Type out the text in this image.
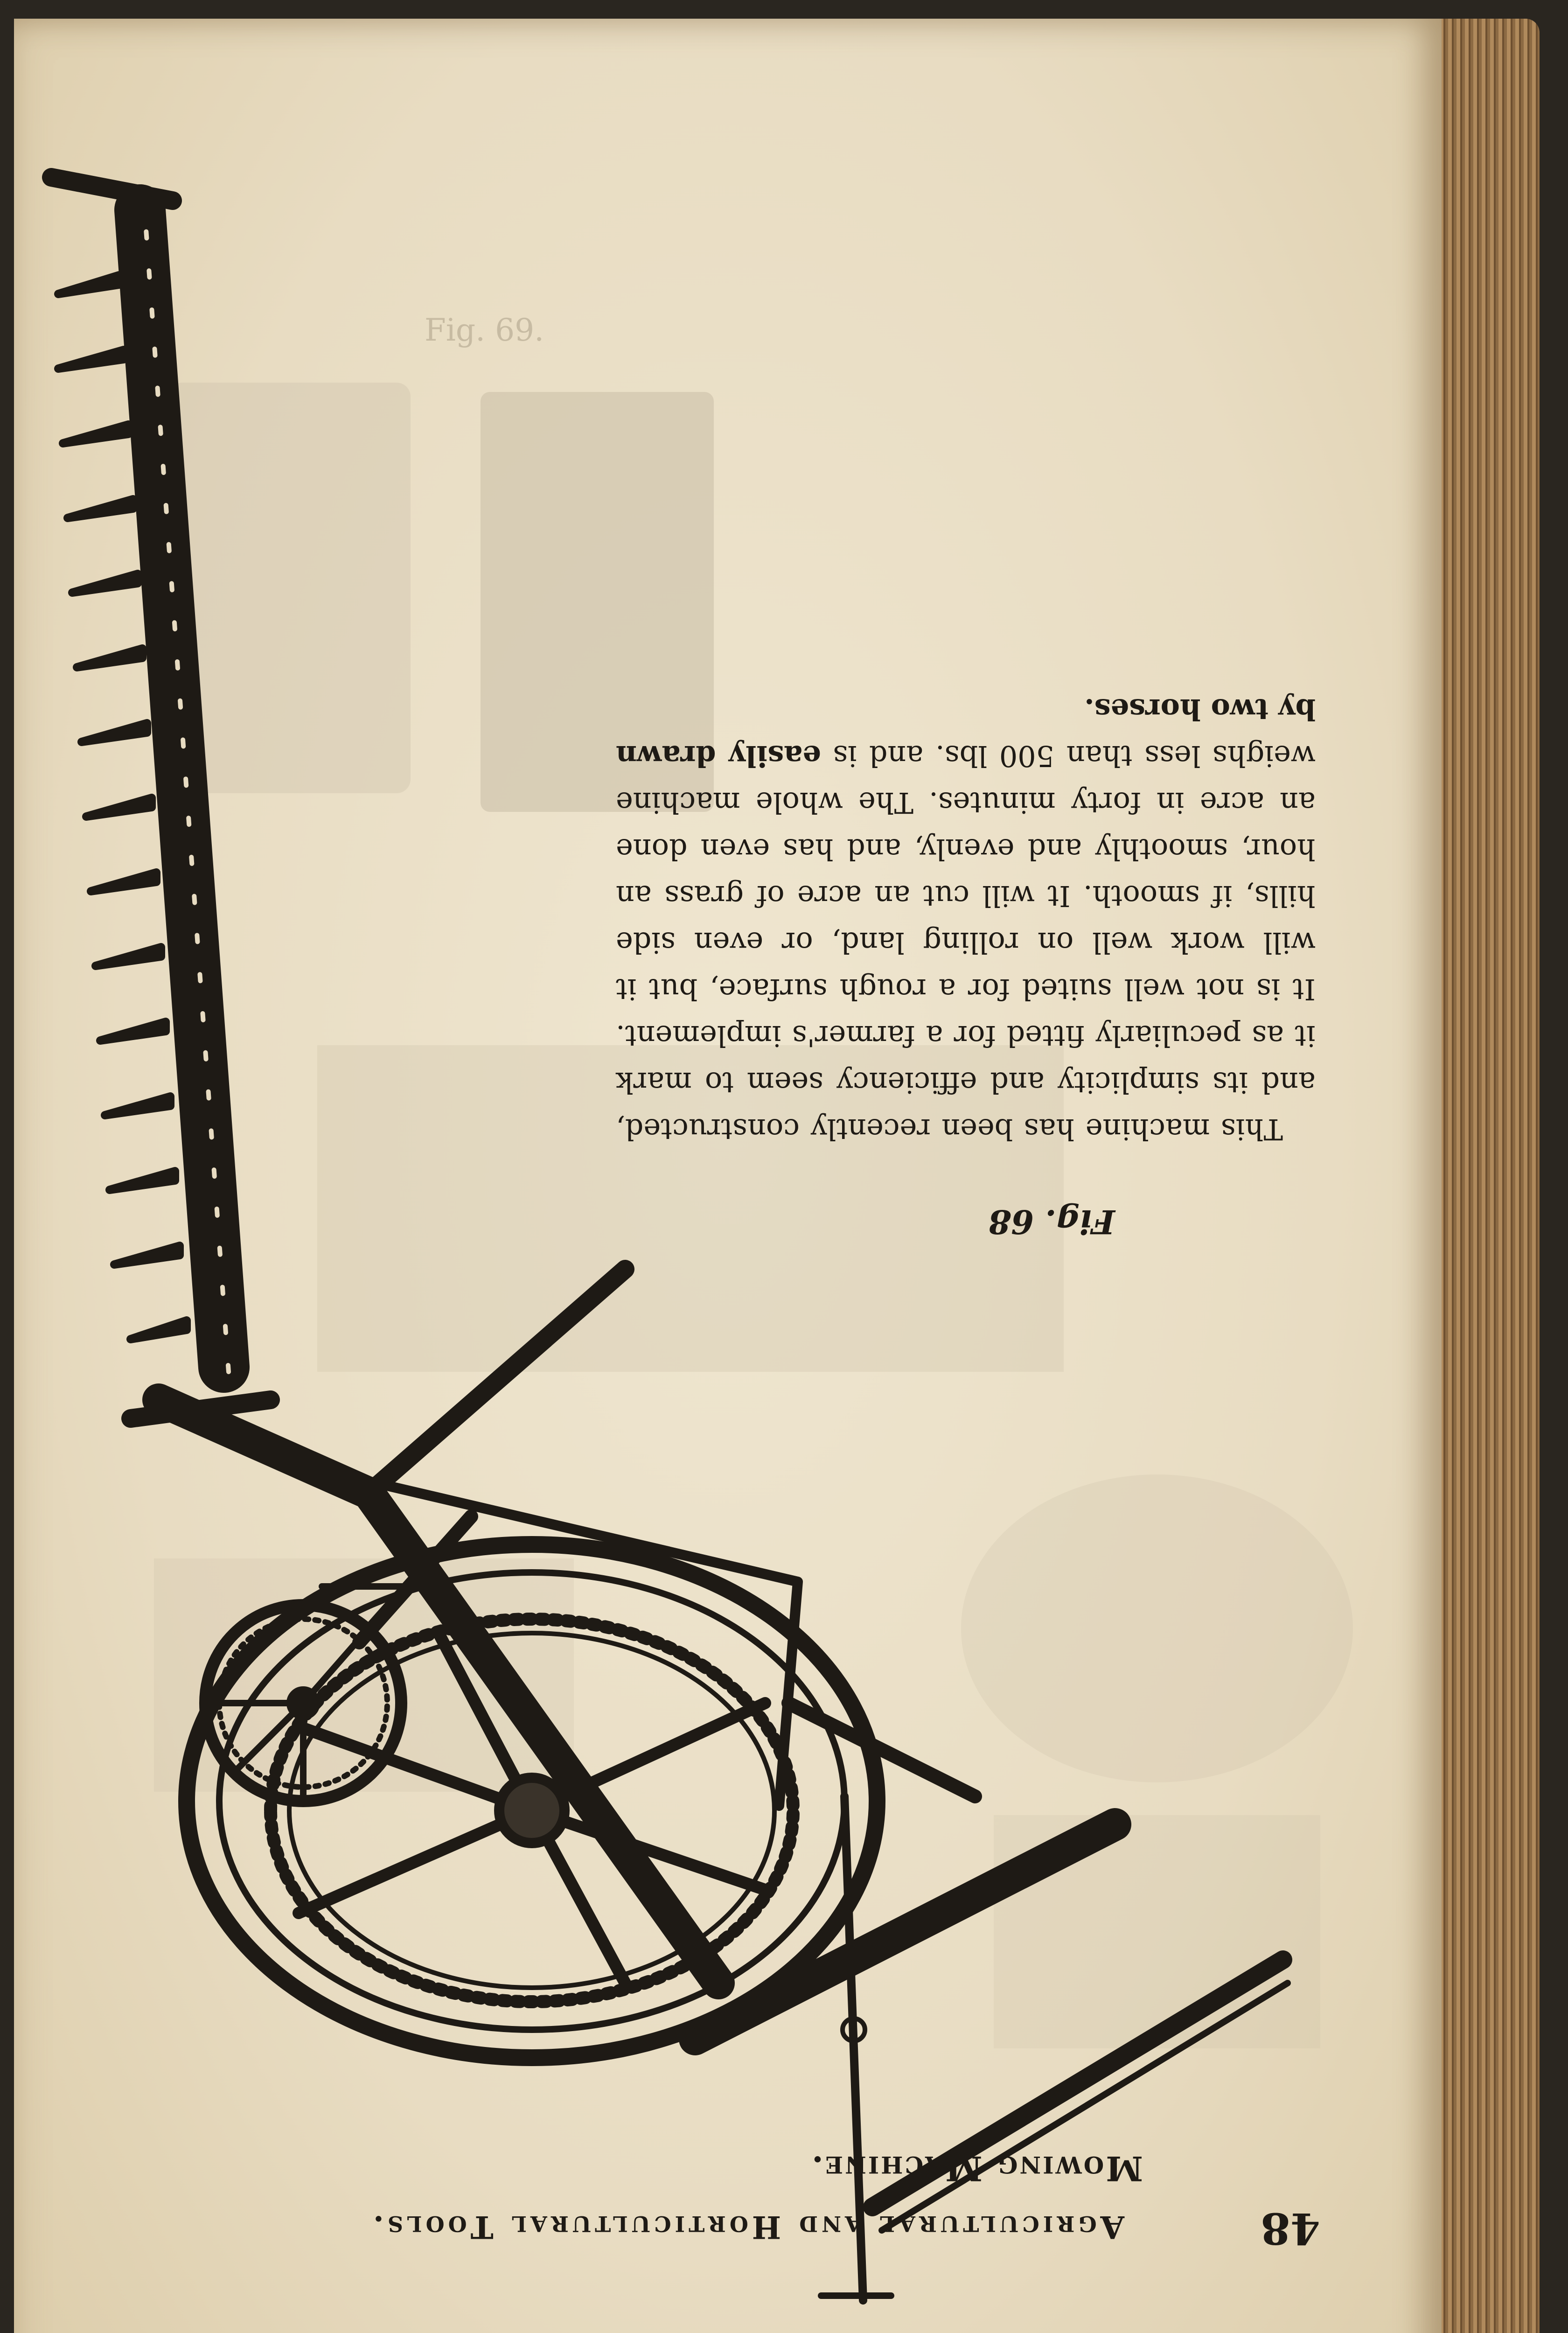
Fig. 69.
48
Agricultural and Horticultural Tools.
Mowing Machine.
Fig. 68

This machine has been recently constructed, and its simplicity and efficiency seem to mark it as peculiarly fitted for a farmer's implement. It is not well suited for a rough surface, but it will work well on rolling land, or even side hills, if smooth. It will cut an acre of grass an hour, smoothly and evenly, and has even done an acre in forty minutes. The whole machine weighs less than 500 lbs. and is easily drawn by two horses.
